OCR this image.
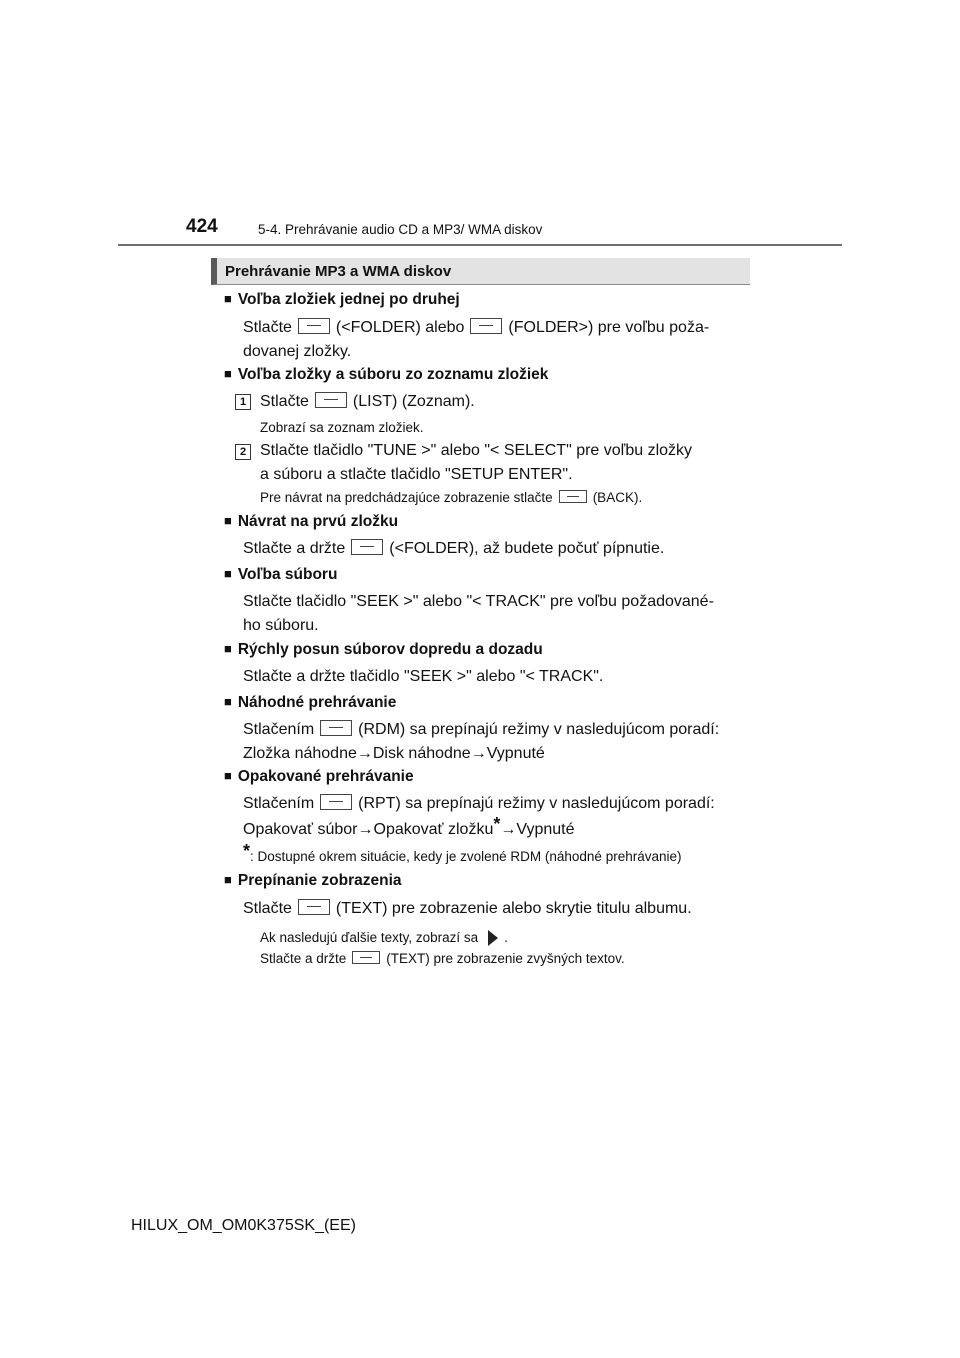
424	5-4. Prehrávanie audio CD a MP3/ WMA diskov
Prehrávanie MP3 a WMA diskov
■ Voľba zložiek jednej po druhej
Stlačte	(<FOLDER) alebo	(FOLDER>) pre voľbu poža-
dovanej zložky.
■ Voľba zložky a súboru zo zoznamu zložiek
1 Stlačte	(LIST) (Zoznam).
Zobrazí sa zoznam zložiek.
2 Stlačte tlačidlo "TUNE >" alebo "< SELECT" pre voľbu zložky
a súboru a stlačte tlačidlo "SETUP ENTER".
Pre návrat na predchádzajúce zobrazenie stlačte	(BACK).
■ Návrat na prvú zložku
Stlačte a držte	(<FOLDER), až budete počuť pípnutie.
■ Voľba súboru
Stlačte tlačidlo "SEEK >" alebo "< TRACK" pre voľbu požadované-
ho súboru.
■ Rýchly posun súborov dopredu a dozadu
Stlačte a držte tlačidlo "SEEK >" alebo "< TRACK".
■ Náhodné prehrávanie
Stlačením	(RDM) sa prepínajú režimy v nasledujúcom poradí:
Zložka náhodne→Disk náhodne→Vypnuté
■ Opakované prehrávanie
Stlačením	(RPT) sa prepínajú režimy v nasledujúcom poradí:
Opakovať súbor→Opakovať zložku*→Vypnuté
*: Dostupné okrem situácie, kedy je zvolené RDM (náhodné prehrávanie)
■ Prepínanie zobrazenia
Stlačte	(TEXT) pre zobrazenie alebo skrytie titulu albumu.
Ak nasledujú ďalšie texty, zobrazí sa .
Stlačte a držte	(TEXT) pre zobrazenie zvyšných textov.
HILUX_OM_OM0K375SK_(EE)
